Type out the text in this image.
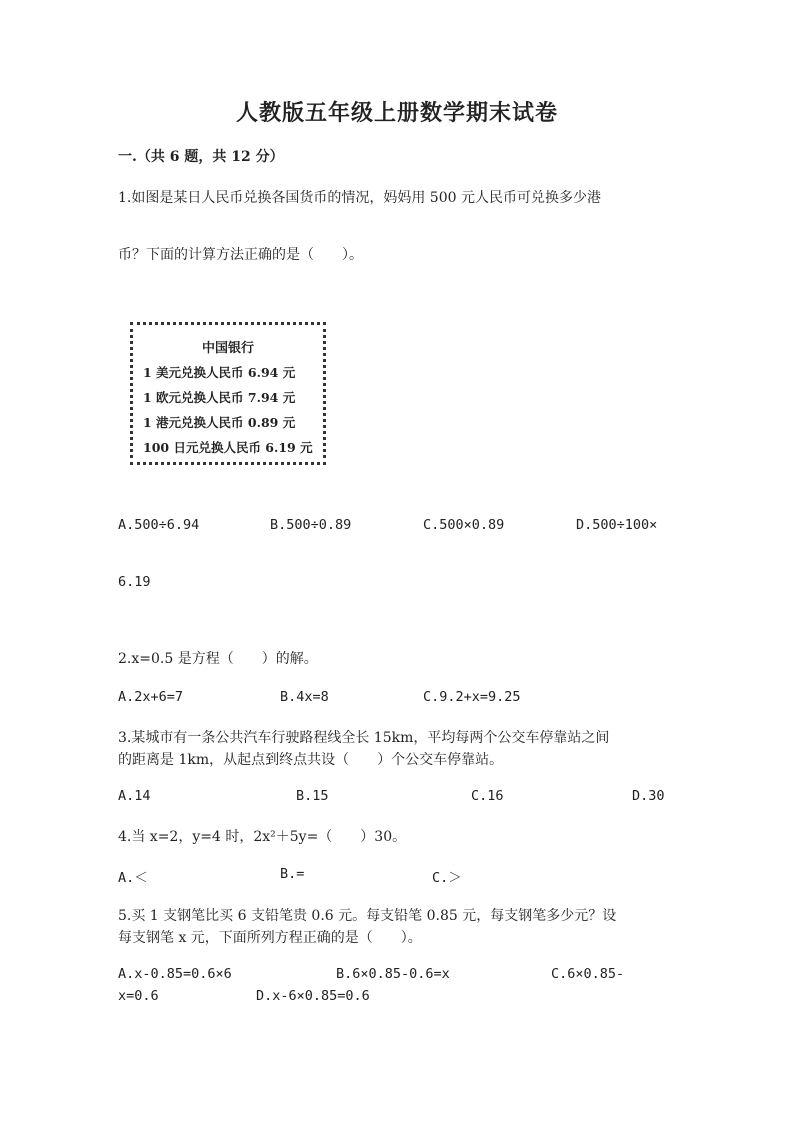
人教版五年级上册数学期末试卷
一.（共 6 题，共 12 分）
1.如图是某日人民币兑换各国货币的情况，妈妈用 500 元人民币可兑换多少港
币？下面的计算方法正确的是（　　）。
中国银行
1 美元兑换人民币 6.94 元
1 欧元兑换人民币 7.94 元
1 港元兑换人民币 0.89 元
100 日元兑换人民币 6.19 元
A.500÷6.94	B.500÷0.89	C.500×0.89	D.500÷100×
6.19
2.x=0.5 是方程（　　）的解。
A.2x+6=7	B.4x=8	C.9.2+x=9.25
3.某城市有一条公共汽车行驶路程线全长 15km，平均每两个公交车停靠站之间
的距离是 1km，从起点到终点共设（　　）个公交车停靠站。
A.14	B.15	C.16	D.30
4.当 x=2，y=4 时，2x²＋5y=（　　）30。
A.＜	B.=	C.＞
5.买 1 支钢笔比买 6 支铅笔贵 0.6 元。每支铅笔 0.85 元，每支钢笔多少元？设
每支钢笔 x 元，下面所列方程正确的是（　　）。
A.x-0.85=0.6×6	B.6×0.85-0.6=x	C.6×0.85-
x=0.6	D.x-6×0.85=0.6
